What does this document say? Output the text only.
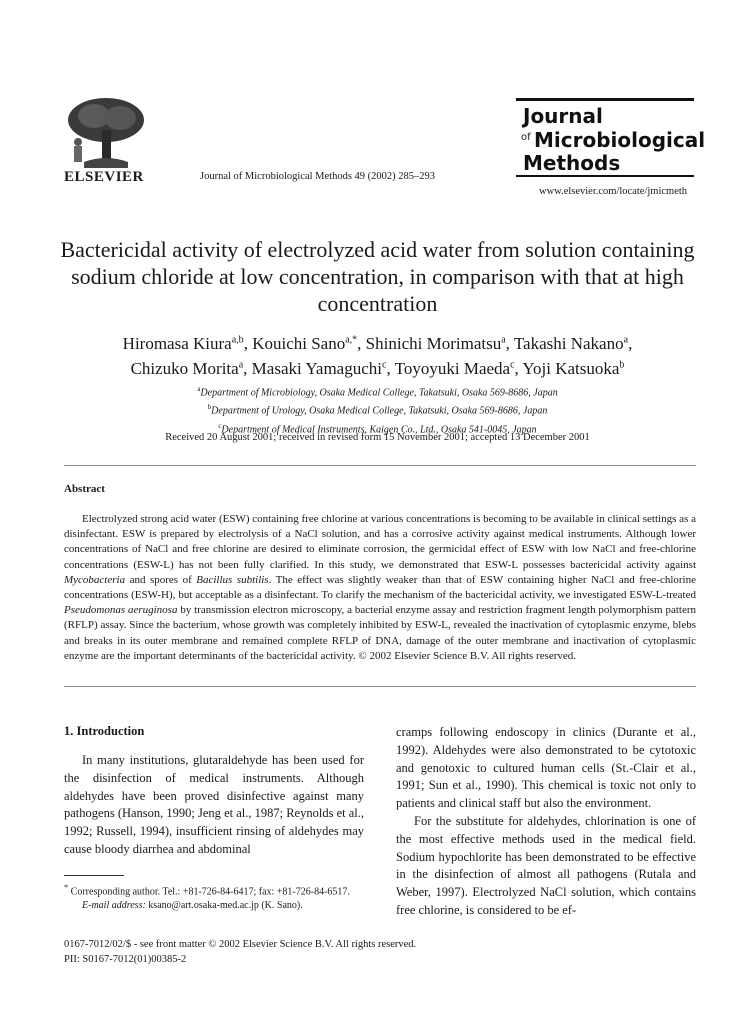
ELSEVIER	Journal of Microbiological Methods 49 (2002) 285–293
Journal
of Microbiological
Methods
www.elsevier.com/locate/jmicmeth
Bactericidal activity of electrolyzed acid water from solution containing sodium chloride at low concentration, in comparison with that at high concentration
Hiromasa Kiura$^{a,b}$, Kouichi Sano$^{a,*}$, Shinichi Morimatsu$^a$, Takashi Nakano$^a$,
Chizuko Morita$^a$, Masaki Yamaguchi$^c$, Toyoyuki Maeda$^c$, Yoji Katsuoka$^b$
$^a$Department of Microbiology, Osaka Medical College, Takatsuki, Osaka 569-8686, Japan
$^b$Department of Urology, Osaka Medical College, Takatsuki, Osaka 569-8686, Japan
$^c$Department of Medical Instruments, Kaigen Co., Ltd., Osaka 541-0045, Japan
Received 20 August 2001; received in revised form 15 November 2001; accepted 13 December 2001
Abstract
Electrolyzed strong acid water (ESW) containing free chlorine at various concentrations is becoming to be available in clinical settings as a disinfectant. ESW is prepared by electrolysis of a NaCl solution, and has a corrosive activity against medical instruments. Although lower concentrations of NaCl and free chlorine are desired to eliminate corrosion, the germicidal effect of ESW with low NaCl and free-chlorine concentrations (ESW-L) has not been fully clarified. In this study, we demonstrated that ESW-L possesses bactericidal activity against Mycobacteria and spores of Bacillus subtilis. The effect was slightly weaker than that of ESW containing higher NaCl and free-chlorine concentrations (ESW-H), but acceptable as a disinfectant. To clarify the mechanism of the bactericidal activity, we investigated ESW-L-treated Pseudomonas aeruginosa by transmission electron microscopy, a bacterial enzyme assay and restriction fragment length polymorphism pattern (RFLP) assay. Since the bacterium, whose growth was completely inhibited by ESW-L, revealed the inactivation of cytoplasmic enzyme, blebs and breaks in its outer membrane and remained complete RFLP of DNA, damage of the outer membrane and inactivation of cytoplasmic enzyme are the important determinants of the bactericidal activity. © 2002 Elsevier Science B.V. All rights reserved.
1. Introduction

In many institutions, glutaraldehyde has been used for the disinfection of medical instruments. Although aldehydes have been proved disinfective against many pathogens (Hanson, 1990; Jeng et al., 1987; Reynolds et al., 1992; Russell, 1994), insufficient rinsing of aldehydes may cause bloody diarrhea and abdominal

cramps following endoscopy in clinics (Durante et al., 1992). Aldehydes were also demonstrated to be cytotoxic and genotoxic to cultured human cells (St.-Clair et al., 1991; Sun et al., 1990). This chemical is toxic not only to patients and clinical staff but also the environment.

For the substitute for aldehydes, chlorination is one of the most effective methods used in the medical field. Sodium hypochlorite has been demonstrated to be effective in the disinfection of almost all pathogens (Rutala and Weber, 1997). Electrolyzed NaCl solution, which contains free chlorine, is considered to be ef-

* Corresponding author. Tel.: +81-726-84-6417; fax: +81-726-84-6517.
E-mail address: ksano@art.osaka-med.ac.jp (K. Sano).
0167-7012/02/$ - see front matter © 2002 Elsevier Science B.V. All rights reserved.
PII: S0167-7012(01)00385-2
